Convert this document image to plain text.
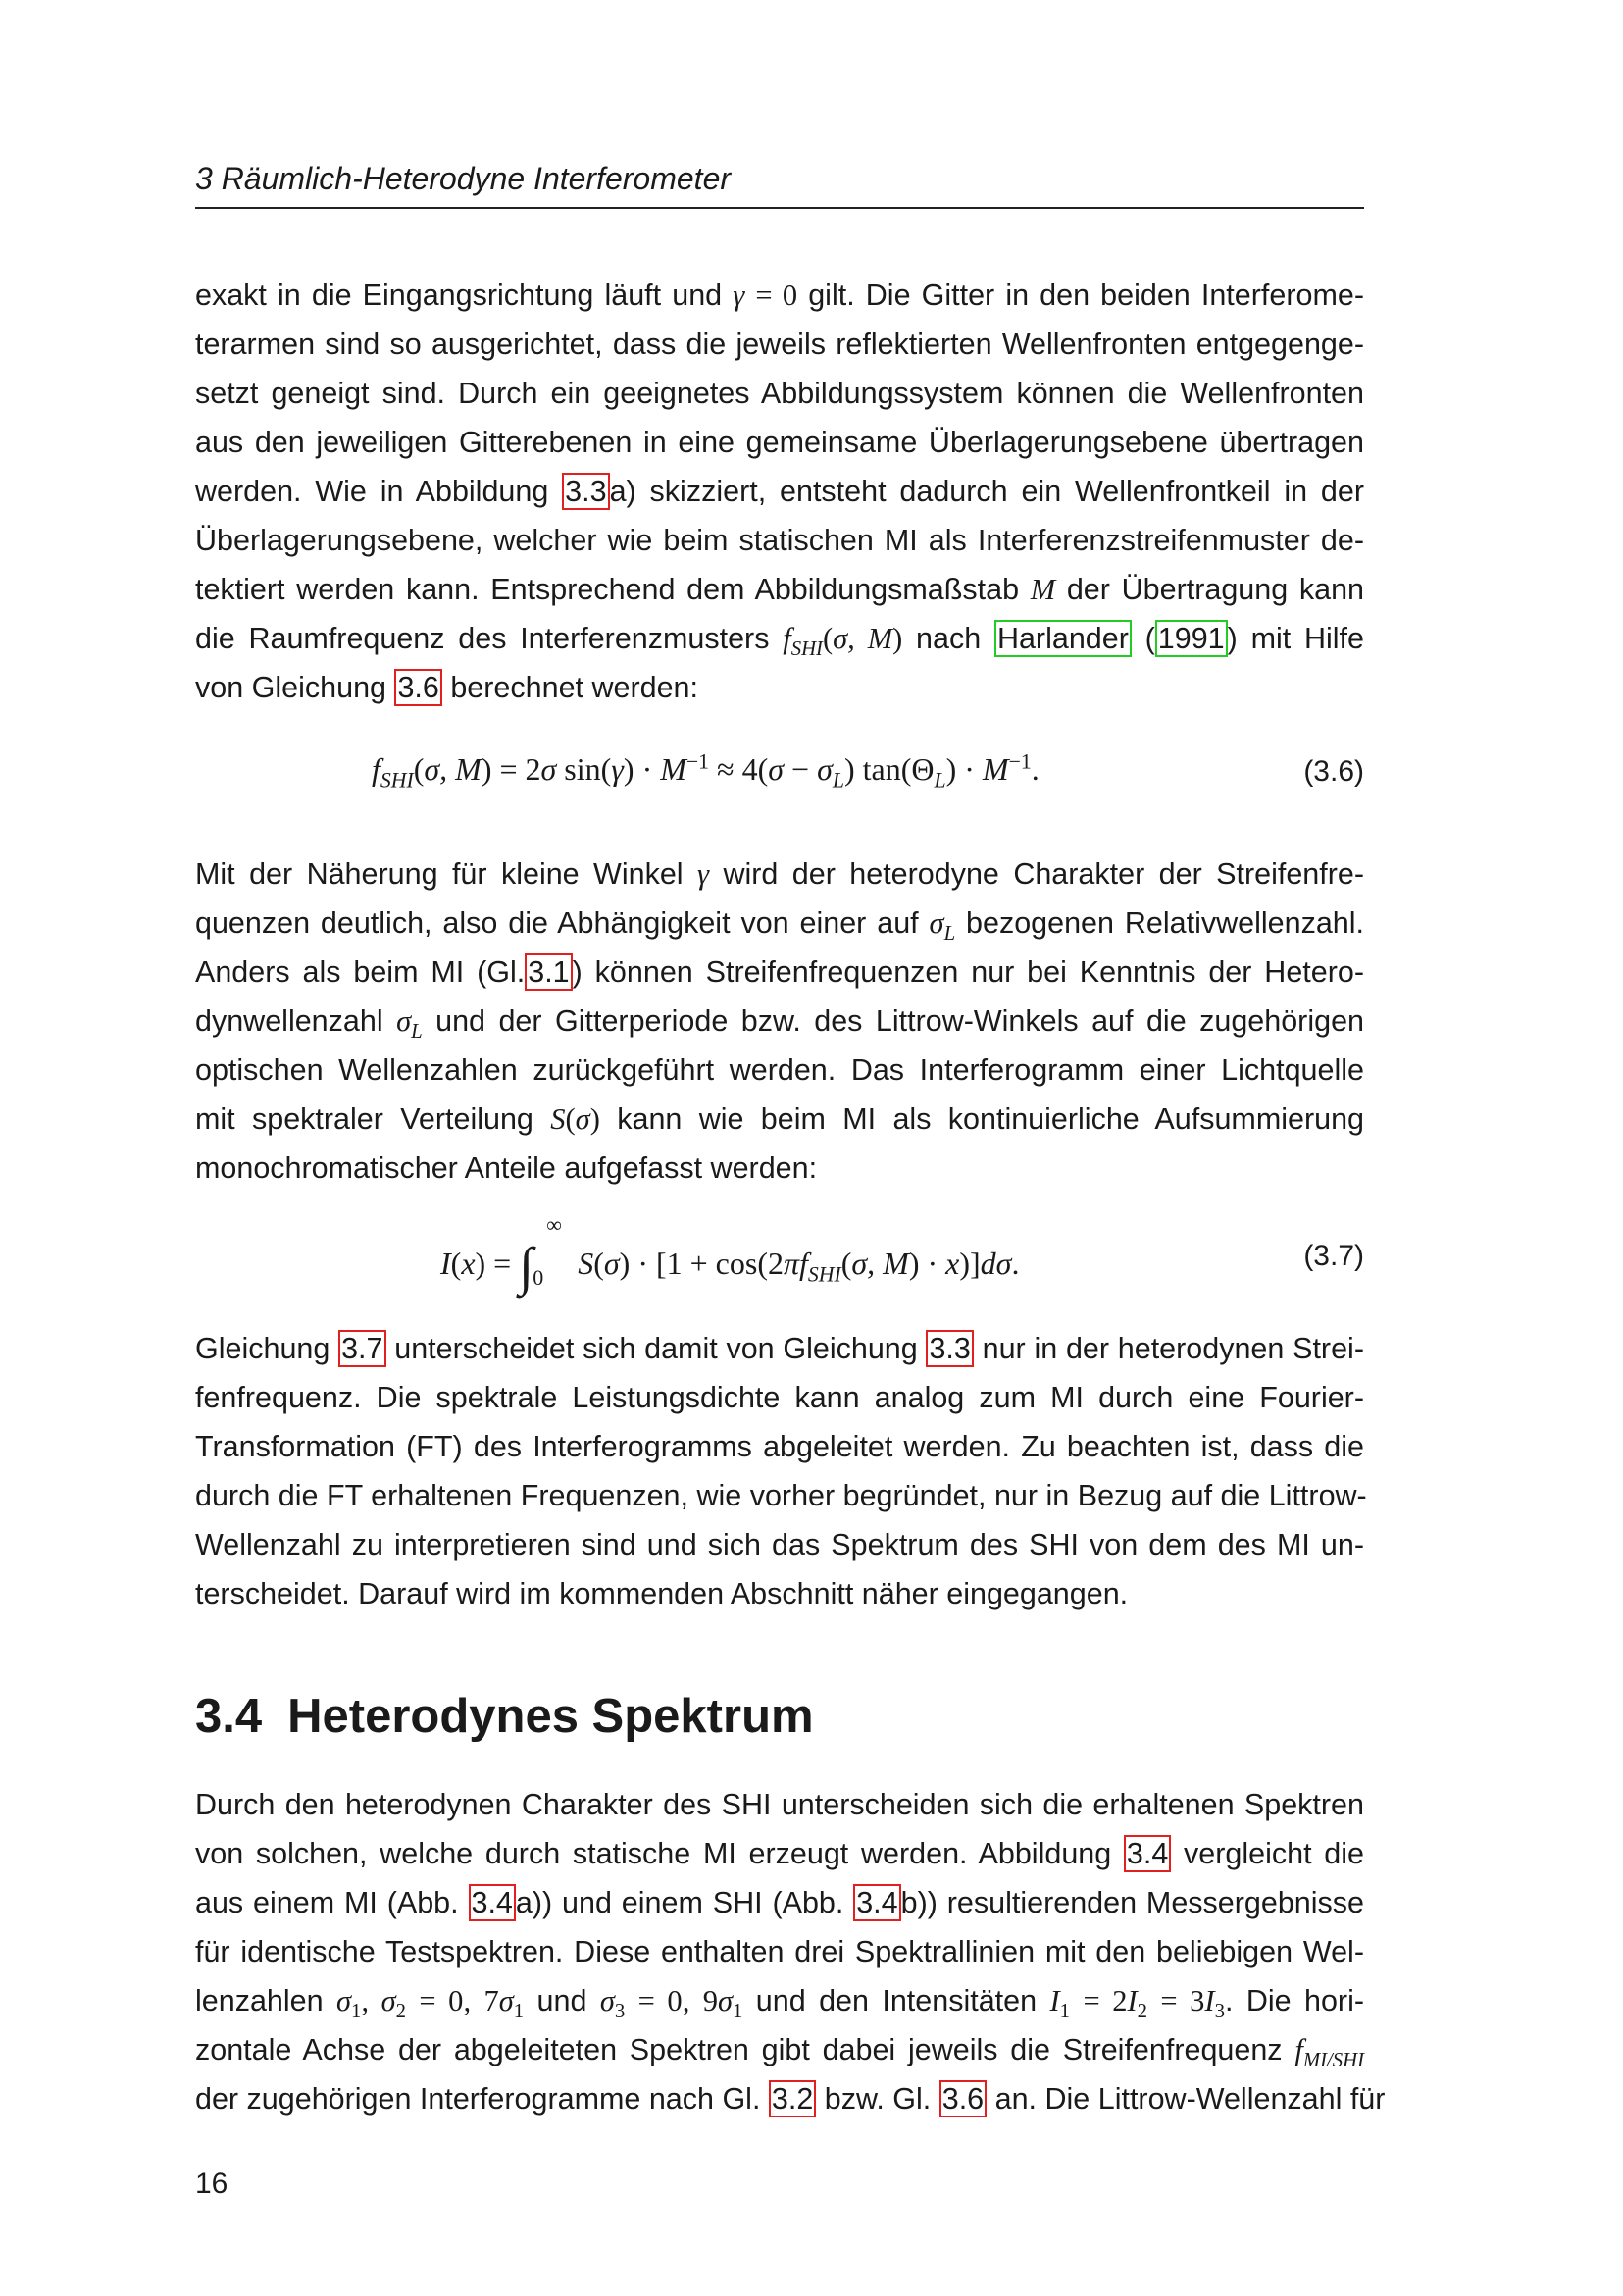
3 Räumlich-Heterodyne Interferometer
exakt in die Eingangsrichtung läuft und γ = 0 gilt. Die Gitter in den beiden Interferome-
terarmen sind so ausgerichtet, dass die jeweils reflektierten Wellenfronten entgegenge-
setzt geneigt sind. Durch ein geeignetes Abbildungssystem können die Wellenfronten
aus den jeweiligen Gitterebenen in eine gemeinsame Überlagerungsebene übertragen
werden. Wie in Abbildung 3.3a) skizziert, entsteht dadurch ein Wellenfrontkeil in der
Überlagerungsebene, welcher wie beim statischen MI als Interferenzstreifenmuster de-
tektiert werden kann. Entsprechend dem Abbildungsmaßstab M der Übertragung kann
die Raumfrequenz des Interferenzmusters $f_{SHI}(\sigma$, M) nach Harlander (1991) mit Hilfe
von Gleichung 3.6 berechnet werden:
$f_{SHI}(\sigma$, M) = 2σ $\sin(\gamma) \cdot M^{-1} \approx 4(\sigma - \sigma_L) \tan(\Theta_L) \cdot M^{-1}$.	(3.6)
Mit der Näherung für kleine Winkel γ wird der heterodyne Charakter der Streifenfre-
quenzen deutlich, also die Abhängigkeit von einer auf $\sigma_L$ bezogenen Relativwellenzahl.
Anders als beim MI (Gl.3.1) können Streifenfrequenzen nur bei Kenntnis der Hetero-
dynwellenzahl $\sigma_L$ und der Gitterperiode bzw. des Littrow-Winkels auf die zugehörigen
optischen Wellenzahlen zurückgeführt werden. Das Interferogramm einer Lichtquelle
mit spektraler Verteilung S(σ) kann wie beim MI als kontinuierliche Aufsummierung
monochromatischer Anteile aufgefasst werden:
I(x) = ∫
∞
0 $S(\sigma) \cdot [1 + \cos(2\pi f_{SHI}(\sigma$, M) · x)]dσ.	(3.7)
Gleichung 3.7 unterscheidet sich damit von Gleichung 3.3 nur in der heterodynen Strei-
fenfrequenz. Die spektrale Leistungsdichte kann analog zum MI durch eine Fourier-
Transformation (FT) des Interferogramms abgeleitet werden. Zu beachten ist, dass die
durch die FT erhaltenen Frequenzen, wie vorher begründet, nur in Bezug auf die Littrow-
Wellenzahl zu interpretieren sind und sich das Spektrum des SHI von dem des MI un-
terscheidet. Darauf wird im kommenden Abschnitt näher eingegangen.
3.4 Heterodynes Spektrum
Durch den heterodynen Charakter des SHI unterscheiden sich die erhaltenen Spektren
von solchen, welche durch statische MI erzeugt werden. Abbildung 3.4 vergleicht die
aus einem MI (Abb. 3.4a)) und einem SHI (Abb. 3.4b)) resultierenden Messergebnisse
für identische Testspektren. Diese enthalten drei Spektrallinien mit den beliebigen Wel-
lenzahlen $\sigma_1$, $\sigma_2 = 0$, $7\sigma_1$ und $\sigma_3 = 0$, $9\sigma_1$ und den Intensitäten $I_1 = 2I_2 = 3I_3$. Die hori-
zontale Achse der abgeleiteten Spektren gibt dabei jeweils die Streifenfrequenz $f_{MI/SHI}$
der zugehörigen Interferogramme nach Gl. 3.2 bzw. Gl. 3.6 an. Die Littrow-Wellenzahl für
16
